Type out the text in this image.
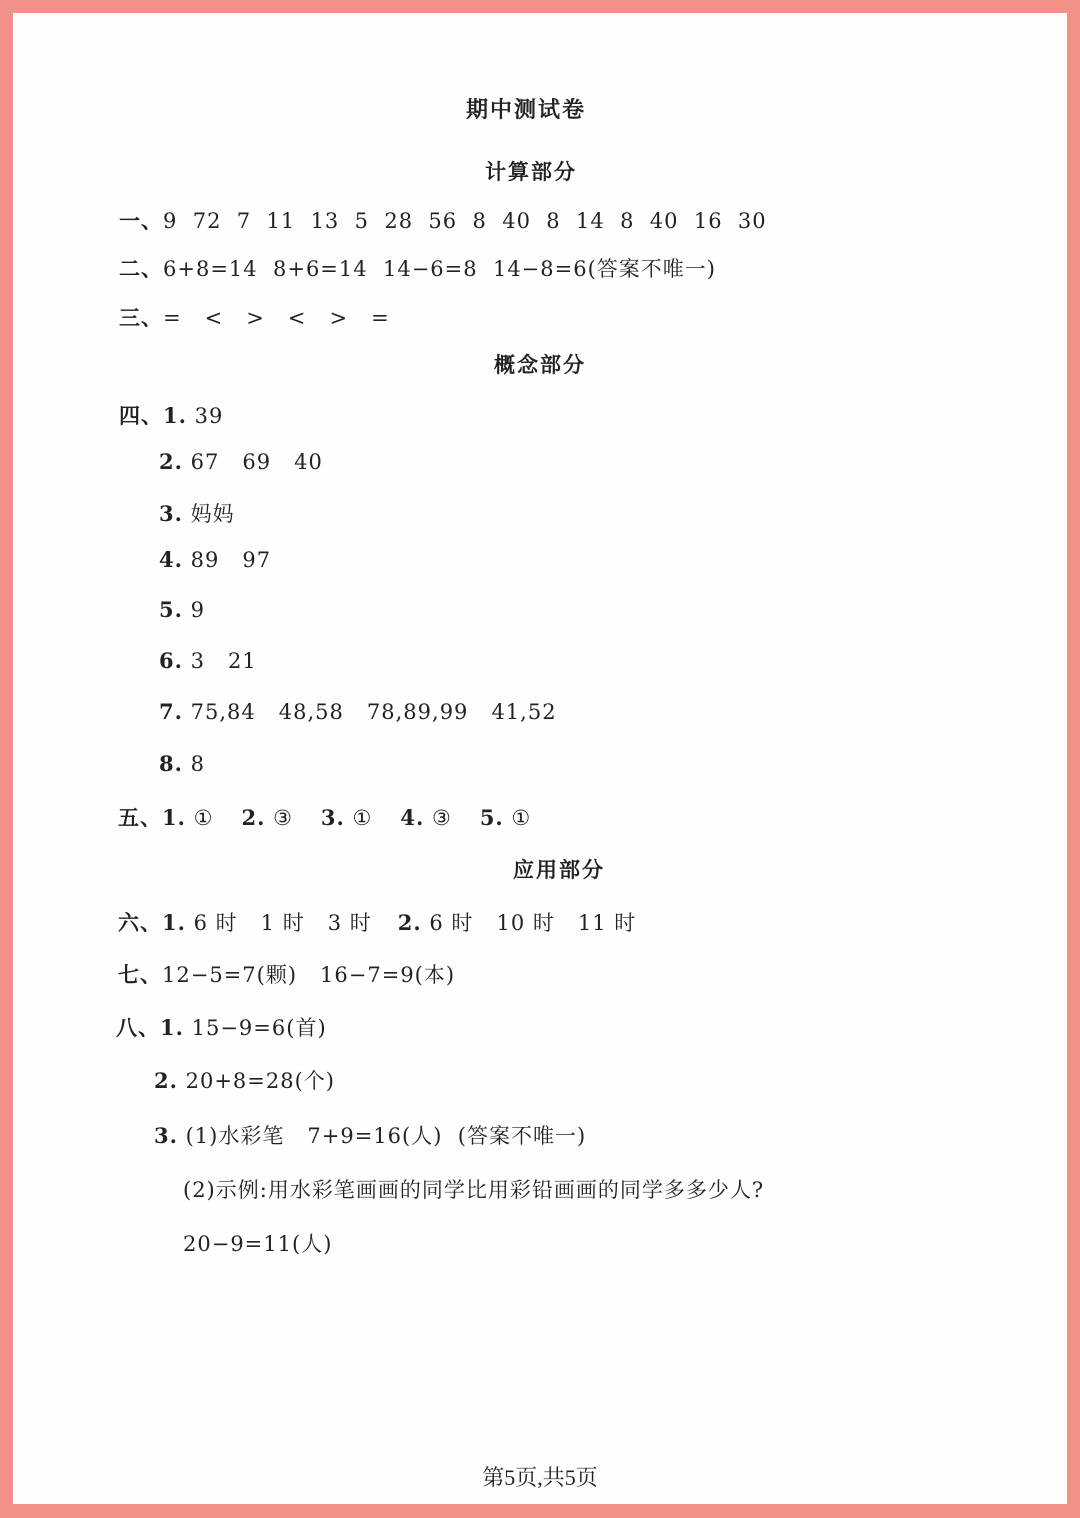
期中测试卷
计算部分
一、9  72  7  11  13  5  28  56  8  40  8  14  8  40  16  30
二、6+8=14  8+6=14  14−6=8  14−8=6(答案不唯一)
三、=   <   >   <   >   =
概念部分
四、1. 39
2. 67   69   40
3. 妈妈
4. 89   97
5. 9
6. 3   21
7. 75,84   48,58   78,89,99   41,52
8. 8
五、1. ① 2. ③ 3. ① 4. ③ 5. ①
应用部分
六、1. 6 时   1 时   3 时 2. 6 时   10 时   11 时
七、12−5=7(颗)   16−7=9(本)
八、1. 15−9=6(首)
2. 20+8=28(个)
3. (1)水彩笔   7+9=16(人)  (答案不唯一)
(2)示例:用水彩笔画画的同学比用彩铅画画的同学多多少人?
20−9=11(人)
第5页,共5页
